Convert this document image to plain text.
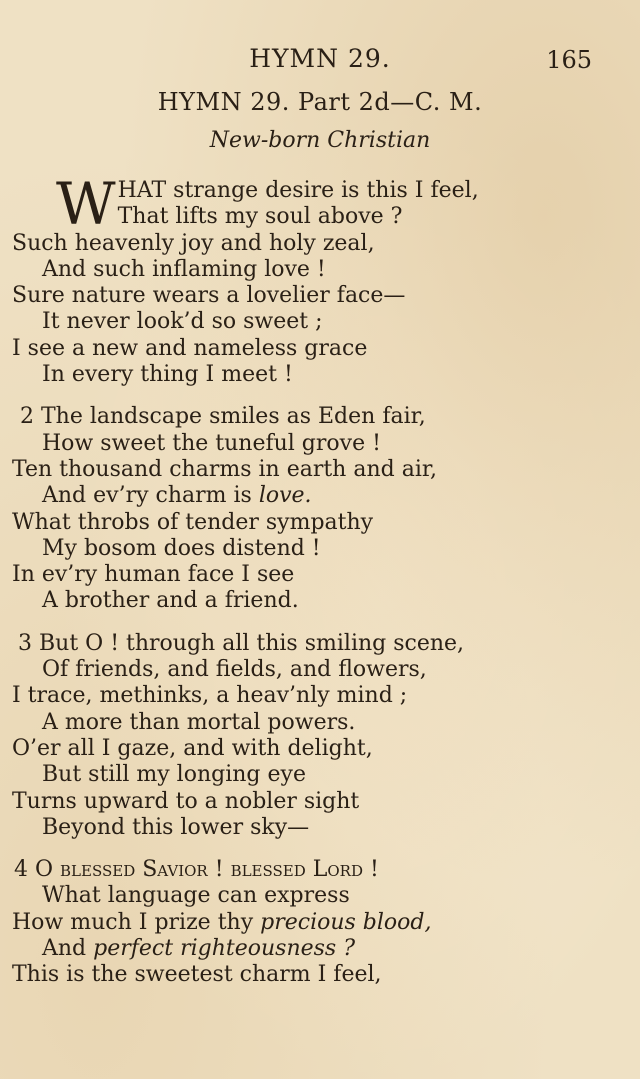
HYMN 29.	165
HYMN 29. Part 2d—C. M.
New-born Christian
W HAT strange desire is this I feel,
That lifts my soul above ?
Such heavenly joy and holy zeal,
And such inflaming love !
Sure nature wears a lovelier face—
It never look’d so sweet ;
I see a new and nameless grace
In every thing I meet !
2 The landscape smiles as Eden fair,
How sweet the tuneful grove !
Ten thousand charms in earth and air,
And ev’ry charm is love.
What throbs of tender sympathy
My bosom does distend !
In ev’ry human face I see
A brother and a friend.
3 But O ! through all this smiling scene,
Of friends, and fields, and flowers,
I trace, methinks, a heav’nly mind ;
A more than mortal powers.
O’er all I gaze, and with delight,
But still my longing eye
Turns upward to a nobler sight
Beyond this lower sky—
4 O blessed Savior ! blessed Lord !
What language can express
How much I prize thy precious blood,
And perfect righteousness ?
This is the sweetest charm I feel,
